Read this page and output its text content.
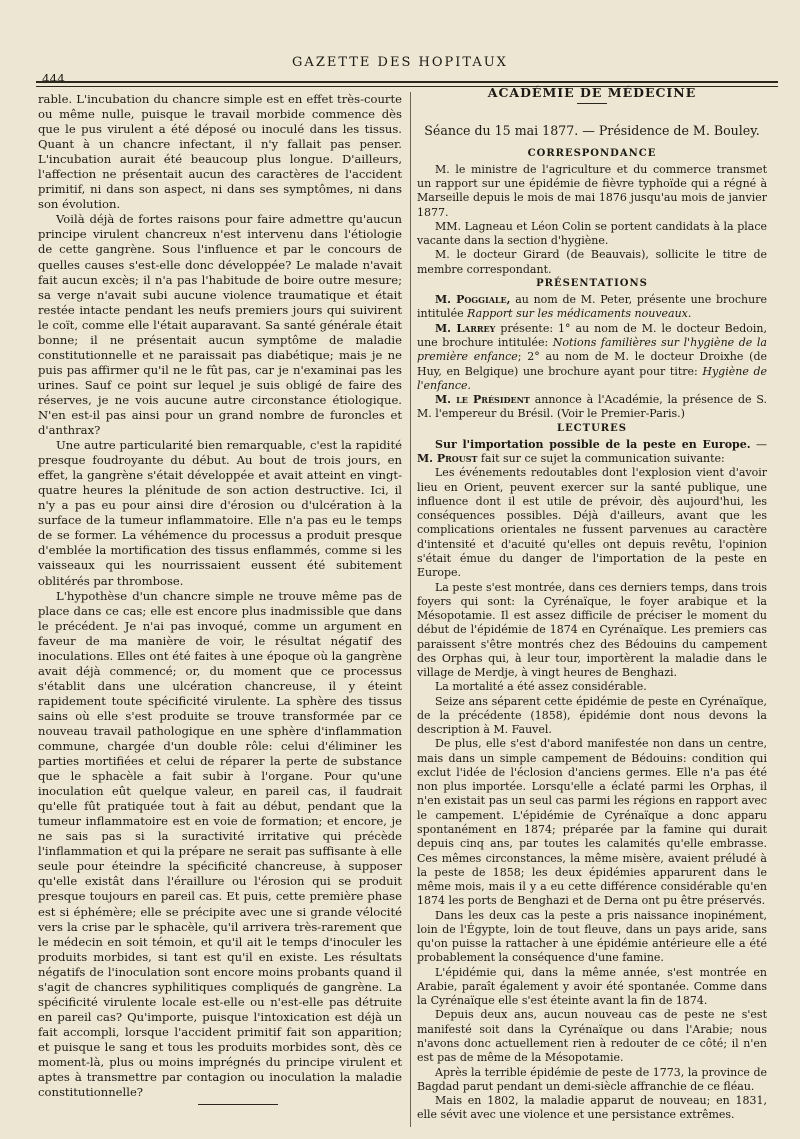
GAZETTE DES HOPITAUX
444

rable. L'incubation du chancre simple est en effet très-courte ou même nulle, puisque le travail morbide commence dès que le pus virulent a été déposé ou inoculé dans les tissus. Quant à un chancre infectant, il n'y fallait pas penser. L'incubation aurait été beaucoup plus longue. D'ailleurs, l'affection ne présentait aucun des caractères de l'accident primitif, ni dans son aspect, ni dans ses symptômes, ni dans son évolution.

Voilà déjà de fortes raisons pour faire admettre qu'aucun principe virulent chancreux n'est intervenu dans l'étiologie de cette gangrène. Sous l'influence et par le concours de quelles causes s'est-elle donc développée? Le malade n'avait fait aucun excès; il n'a pas l'habitude de boire outre mesure; sa verge n'avait subi aucune violence traumatique et était restée intacte pendant les neufs premiers jours qui suivirent le coït, comme elle l'était auparavant. Sa santé générale était bonne; il ne présentait aucun symptôme de maladie constitutionnelle et ne paraissait pas diabétique; mais je ne puis pas affirmer qu'il ne le fût pas, car je n'examinai pas les urines. Sauf ce point sur lequel je suis obligé de faire des réserves, je ne vois aucune autre circonstance étiologique. N'en est-il pas ainsi pour un grand nombre de furoncles et d'anthrax?

Une autre particularité bien remarquable, c'est la rapidité presque foudroyante du début. Au bout de trois jours, en effet, la gangrène s'était développée et avait atteint en vingt-quatre heures la plénitude de son action destructive. Ici, il n'y a pas eu pour ainsi dire d'érosion ou d'ulcération à la surface de la tumeur inflammatoire. Elle n'a pas eu le temps de se former. La véhémence du processus a produit presque d'emblée la mortification des tissus enflammés, comme si les vaisseaux qui les nourrissaient eussent été subitement oblitérés par thrombose.

L'hypothèse d'un chancre simple ne trouve même pas de place dans ce cas; elle est encore plus inadmissible que dans le précédent. Je n'ai pas invoqué, comme un argument en faveur de ma manière de voir, le résultat négatif des inoculations. Elles ont été faites à une époque où la gangrène avait déjà commencé; or, du moment que ce processus s'établit dans une ulcération chancreuse, il y éteint rapidement toute spécificité virulente. La sphère des tissus sains où elle s'est produite se trouve transformée par ce nouveau travail pathologique en une sphère d'inflammation commune, chargée d'un double rôle: celui d'éliminer les parties mortifiées et celui de réparer la perte de substance que le sphacèle a fait subir à l'organe. Pour qu'une inoculation eût quelque valeur, en pareil cas, il faudrait qu'elle fût pratiquée tout à fait au début, pendant que la tumeur inflammatoire est en voie de formation; et encore, je ne sais pas si la suractivité irritative qui précède l'inflammation et qui la prépare ne serait pas suffisante à elle seule pour éteindre la spécificité chancreuse, à supposer qu'elle existât dans l'éraillure ou l'érosion qui se produit presque toujours en pareil cas. Et puis, cette première phase est si éphémère; elle se précipite avec une si grande vélocité vers la crise par le sphacèle, qu'il arrivera très-rarement que le médecin en soit témoin, et qu'il ait le temps d'inoculer les produits morbides, si tant est qu'il en existe. Les résultats négatifs de l'inoculation sont encore moins probants quand il s'agit de chancres syphilitiques compliqués de gangrène. La spécificité virulente locale est-elle ou n'est-elle pas détruite en pareil cas? Qu'importe, puisque l'intoxication est déjà un fait accompli, lorsque l'accident primitif fait son apparition; et puisque le sang et tous les produits morbides sont, dès ce moment-là, plus ou moins imprégnés du principe virulent et aptes à transmettre par contagion ou inoculation la maladie constitutionnelle?

ACADÉMIE DE MÉDECINE
Séance du 15 mai 1877. — Présidence de M. Bouley.
CORRESPONDANCE

M. le ministre de l'agriculture et du commerce transmet un rapport sur une épidémie de fièvre typhoïde qui a régné à Marseille depuis le mois de mai 1876 jusqu'au mois de janvier 1877.

MM. Lagneau et Léon Colin se portent candidats à la place vacante dans la section d'hygiène.

M. le docteur Girard (de Beauvais), sollicite le titre de membre correspondant.

PRÉSENTATIONS

M. Poggiale, au nom de M. Peter, présente une brochure intitulée Rapport sur les médicaments nouveaux.

M. Larrey présente: 1° au nom de M. le docteur Bedoin, une brochure intitulée: Notions familières sur l'hygiène de la première enfance; 2° au nom de M. le docteur Droixhe (de Huy, en Belgique) une brochure ayant pour titre: Hygiène de l'enfance.

M. le Président annonce à l'Académie, la présence de S. M. l'empereur du Brésil. (Voir le Premier-Paris.)

LECTURES

Sur l'importation possible de la peste en Europe. — M. Proust fait sur ce sujet la communication suivante:

Les événements redoutables dont l'explosion vient d'avoir lieu en Orient, peuvent exercer sur la santé publique, une influence dont il est utile de prévoir, dès aujourd'hui, les conséquences possibles. Déjà d'ailleurs, avant que les complications orientales ne fussent parvenues au caractère d'intensité et d'acuité qu'elles ont depuis revêtu, l'opinion s'était émue du danger de l'importation de la peste en Europe.

La peste s'est montrée, dans ces derniers temps, dans trois foyers qui sont: la Cyrénaïque, le foyer arabique et la Mésopotamie. Il est assez difficile de préciser le moment du début de l'épidémie de 1874 en Cyrénaïque. Les premiers cas paraissent s'être montrés chez des Bédouins du campement des Orphas qui, à leur tour, importèrent la maladie dans le village de Merdje, à vingt heures de Benghazi.

La mortalité a été assez considérable.

Seize ans séparent cette épidémie de peste en Cyrénaïque, de la précédente (1858), épidémie dont nous devons la description à M. Fauvel.

De plus, elle s'est d'abord manifestée non dans un centre, mais dans un simple campement de Bédouins: condition qui exclut l'idée de l'éclosion d'anciens germes. Elle n'a pas été non plus importée. Lorsqu'elle a éclaté parmi les Orphas, il n'en existait pas un seul cas parmi les régions en rapport avec le campement. L'épidémie de Cyrénaïque a donc apparu spontanément en 1874; préparée par la famine qui durait depuis cinq ans, par toutes les calamités qu'elle embrasse. Ces mêmes circonstances, la même misère, avaient préludé à la peste de 1858; les deux épidémies apparurent dans le même mois, mais il y a eu cette différence considérable qu'en 1874 les ports de Benghazi et de Derna ont pu être préservés.

Dans les deux cas la peste a pris naissance inopinément, loin de l'Égypte, loin de tout fleuve, dans un pays aride, sans qu'on puisse la rattacher à une épidémie antérieure elle a été probablement la conséquence d'une famine.

L'épidémie qui, dans la même année, s'est montrée en Arabie, paraît également y avoir été spontanée. Comme dans la Cyrénaïque elle s'est éteinte avant la fin de 1874.

Depuis deux ans, aucun nouveau cas de peste ne s'est manifesté soit dans la Cyrénaïque ou dans l'Arabie; nous n'avons donc actuellement rien à redouter de ce côté; il n'en est pas de même de la Mésopotamie.

Après la terrible épidémie de peste de 1773, la province de Bagdad parut pendant un demi-siècle affranchie de ce fléau.

Mais en 1802, la maladie apparut de nouveau; en 1831, elle sévit avec une violence et une persistance extrêmes.
